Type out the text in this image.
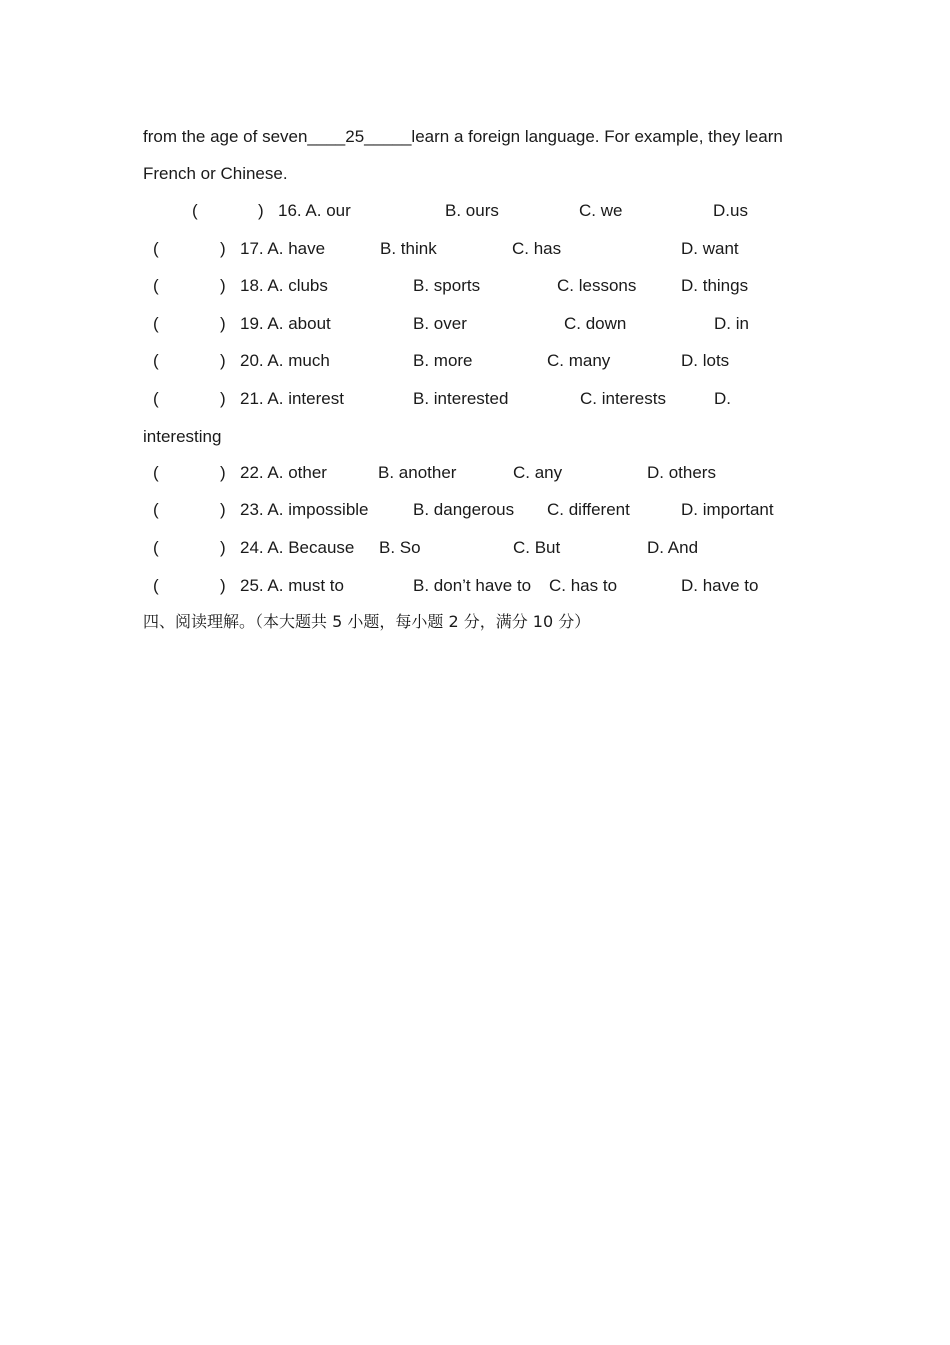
from the age of seven____25_____learn a foreign language. For example, they learn
French or Chinese.
(	) 16. A. our	B. ours	C. we	D.us
(	) 17. A. have	B. think	C. has	D. want
(	) 18. A. clubs	B. sports	C. lessons	D. things
(	) 19. A. about	B. over	C. down	D. in
(	) 20. A. much	B. more	C. many	D. lots
(	) 21. A. interest	B. interested	C. interests	D.
interesting
(	) 22. A. other	B. another	C. any	D. others
(	) 23. A. impossible	B. dangerous C. different	D. important
(	) 24. A. Because B. So	C. But	D. And
(	) 25. A. must to	B. don’t have to C. has to	D. have to
四、阅读理解。（本大题共 5 小题，每小题 2 分，满分 10 分）
